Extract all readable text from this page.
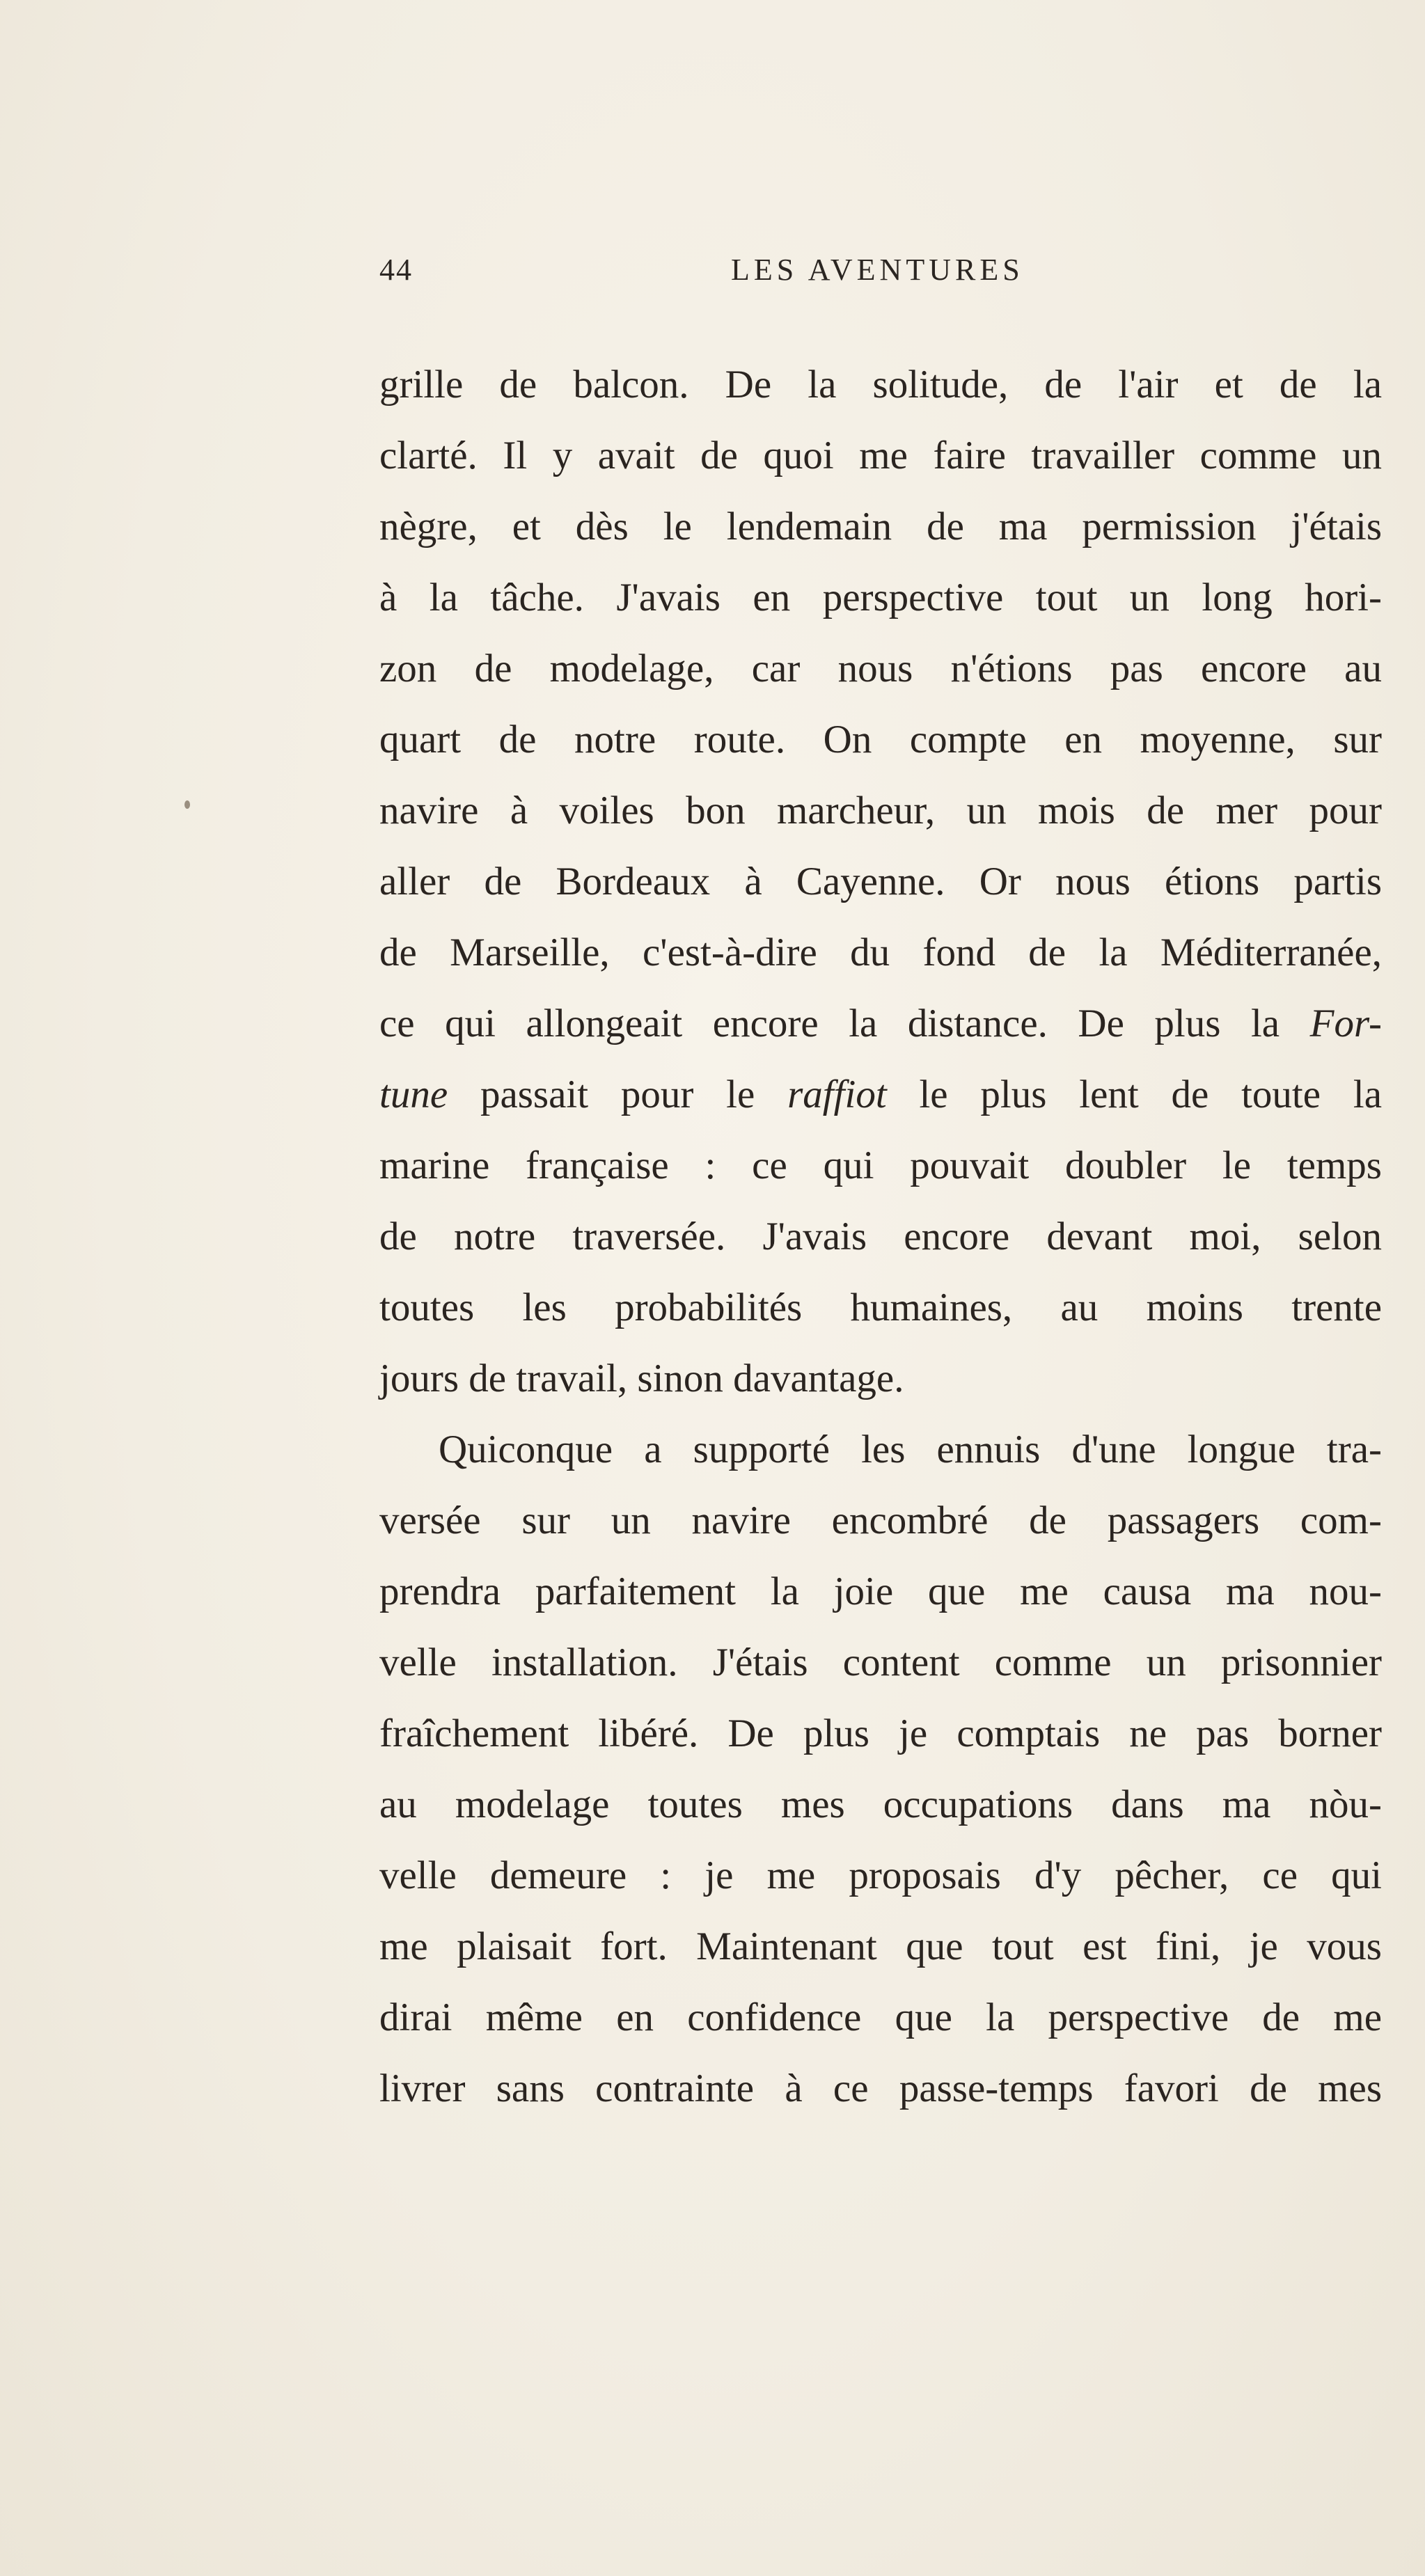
44	LES AVENTURES
grille de balcon. De la solitude, de l'air et de la
clarté. Il y avait de quoi me faire travailler comme un
nègre, et dès le lendemain de ma permission j'étais
à la tâche. J'avais en perspective tout un long hori-
zon de modelage, car nous n'étions pas encore au
quart de notre route. On compte en moyenne, sur
navire à voiles bon marcheur, un mois de mer pour
aller de Bordeaux à Cayenne. Or nous étions partis
de Marseille, c'est-à-dire du fond de la Méditerranée,
ce qui allongeait encore la distance. De plus la For-
tune passait pour le raffiot le plus lent de toute la
marine française : ce qui pouvait doubler le temps
de notre traversée. J'avais encore devant moi, selon
toutes les probabilités humaines, au moins trente
jours de travail, sinon davantage.
Quiconque a supporté les ennuis d'une longue tra-
versée sur un navire encombré de passagers com-
prendra parfaitement la joie que me causa ma nou-
velle installation. J'étais content comme un prisonnier
fraîchement libéré. De plus je comptais ne pas borner
au modelage toutes mes occupations dans ma nòu-
velle demeure : je me proposais d'y pêcher, ce qui
me plaisait fort. Maintenant que tout est fini, je vous
dirai même en confidence que la perspective de me
livrer sans contrainte à ce passe-temps favori de mes
